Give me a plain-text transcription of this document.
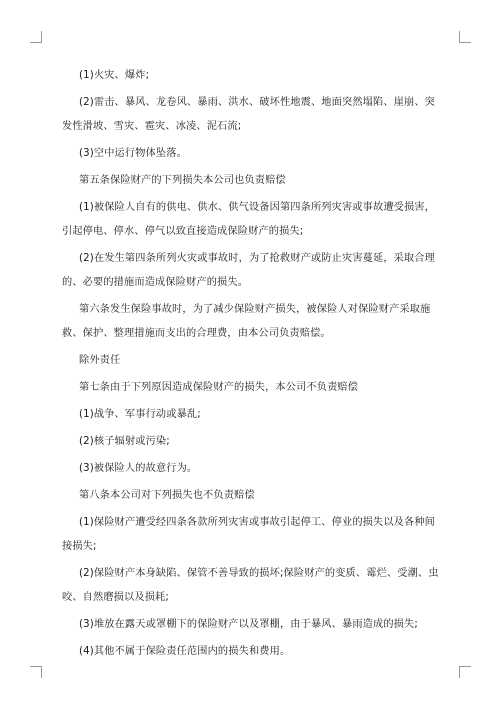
(1)火灾、爆炸;

(2)雷击、暴风、龙卷风、暴雨、洪水、破坏性地震、地面突然塌陷、崖崩、突发性滑坡、雪灾、雹灾、冰凌、泥石流;

(3)空中运行物体坠落。

第五条保险财产的下列损失本公司也负责赔偿

(1)被保险人自有的供电、供水、供气设备因第四条所列灾害或事故遭受损害，引起停电、停水、停气以致直接造成保险财产的损失;

(2)在发生第四条所列火灾或事故时，为了抢救财产或防止灾害蔓延，采取合理的、必要的措施而造成保险财产的损失。

第六条发生保险事故时，为了减少保险财产损失，被保险人对保险财产采取施救、保护、整理措施而支出的合理费，由本公司负责赔偿。

除外责任

第七条由于下列原因造成保险财产的损失，本公司不负责赔偿

(1)战争、军事行动或暴乱;

(2)核子辐射或污染;

(3)被保险人的故意行为。

第八条本公司对下列损失也不负责赔偿

(1)保险财产遭受经四条各款所列灾害或事故引起停工、停业的损失以及各种间接损失;

(2)保险财产本身缺陷、保管不善导致的损坏;保险财产的变质、霉烂、受潮、虫咬、自然磨损以及损耗;

(3)堆放在露天或罩棚下的保险财产以及罩棚，由于暴风、暴雨造成的损失;

(4)其他不属于保险责任范围内的损失和费用。
